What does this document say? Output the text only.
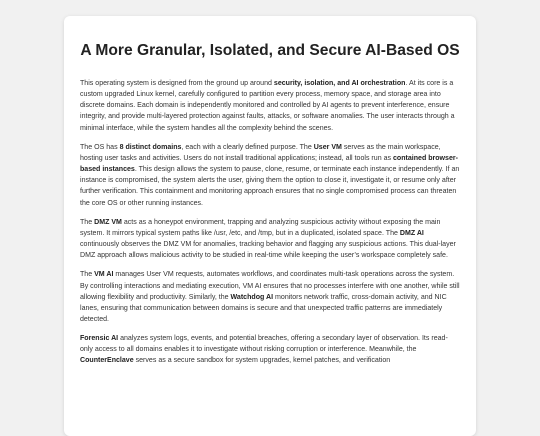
A More Granular, Isolated, and Secure AI-Based OS

This operating system is designed from the ground up around security, isolation, and AI orchestration. At its core is a custom upgraded Linux kernel, carefully configured to partition every process, memory space, and storage area into discrete domains. Each domain is independently monitored and controlled by AI agents to prevent interference, ensure integrity, and provide multi-layered protection against faults, attacks, or software anomalies. The user interacts through a minimal interface, while the system handles all the complexity behind the scenes.

The OS has 8 distinct domains, each with a clearly defined purpose. The User VM serves as the main workspace, hosting user tasks and activities. Users do not install traditional applications; instead, all tools run as contained browser-based instances. This design allows the system to pause, clone, resume, or terminate each instance independently. If an instance is compromised, the system alerts the user, giving them the option to close it, investigate it, or resume only after further verification. This containment and monitoring approach ensures that no single compromised process can threaten the core OS or other running instances.

The DMZ VM acts as a honeypot environment, trapping and analyzing suspicious activity without exposing the main system. It mirrors typical system paths like /usr, /etc, and /tmp, but in a duplicated, isolated space. The DMZ AI continuously observes the DMZ VM for anomalies, tracking behavior and flagging any suspicious actions. This dual-layer DMZ approach allows malicious activity to be studied in real-time while keeping the user’s workspace completely safe.

The VM AI manages User VM requests, automates workflows, and coordinates multi-task operations across the system. By controlling interactions and mediating execution, VM AI ensures that no processes interfere with one another, while still allowing flexibility and productivity. Similarly, the Watchdog AI monitors network traffic, cross-domain activity, and NIC lanes, ensuring that communication between domains is secure and that unexpected traffic patterns are immediately detected.

Forensic AI analyzes system logs, events, and potential breaches, offering a secondary layer of observation. Its read-only access to all domains enables it to investigate without risking corruption or interference. Meanwhile, the CounterEnclave serves as a secure sandbox for system upgrades, kernel patches, and verification
